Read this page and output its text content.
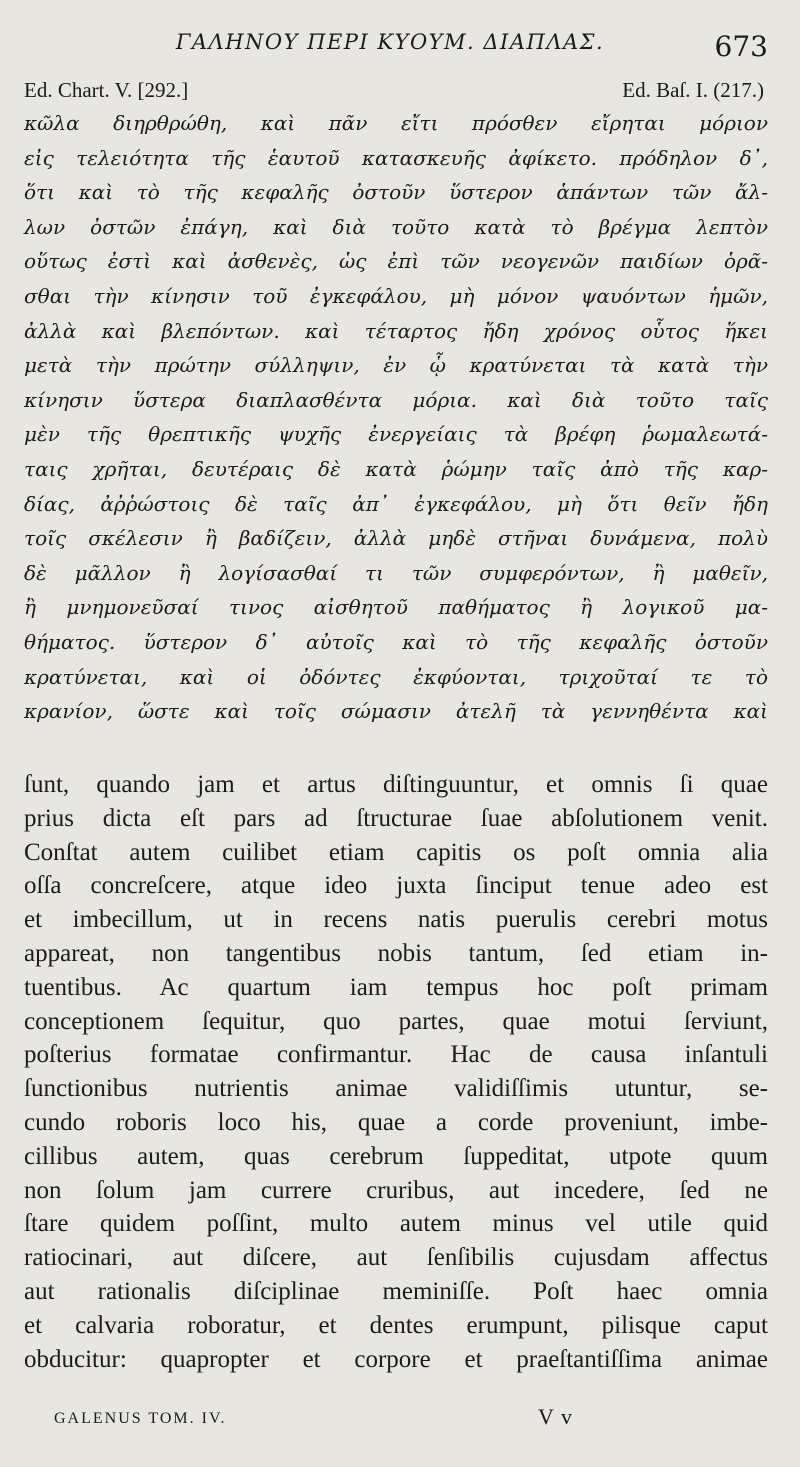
ΓΑΛΗΝΟΥ ΠΕΡΙ ΚΥΟΥΜ. ΔΙΑΠΛΑΣ.	673
Ed. Chart. V. [292.]	Ed. Baſ. I. (217.)
κῶλα διηρθρώθη, καὶ πᾶν εἴτι πρόσθεν εἴρηται μόριον
εἰς τελειότητα τῆς ἑαυτοῦ κατασκευῆς ἀφίκετο. πρόδηλον δ᾿,
ὅτι καὶ τὸ τῆς κεφαλῆς ὀστοῦν ὕστερον ἁπάντων τῶν ἄλ-
λων ὀστῶν ἐπάγη, καὶ διὰ τοῦτο κατὰ τὸ βρέγμα λεπτὸν
οὕτως ἐστὶ καὶ ἀσθενὲς, ὡς ἐπὶ τῶν νεογενῶν παιδίων ὁρᾶ-
σθαι τὴν κίνησιν τοῦ ἐγκεφάλου, μὴ μόνον ψαυόντων ἡμῶν,
ἀλλὰ καὶ βλεπόντων. καὶ τέταρτος ἤδη χρόνος οὗτος ἥκει
μετὰ τὴν πρώτην σύλληψιν, ἐν ᾧ κρατύνεται τὰ κατὰ τὴν
κίνησιν ὕστερα διαπλασθέντα μόρια. καὶ διὰ τοῦτο ταῖς
μὲν τῆς θρεπτικῆς ψυχῆς ἐνεργείαις τὰ βρέφη ῥωμαλεωτά-
ταις χρῆται, δευτέραις δὲ κατὰ ῥώμην ταῖς ἀπὸ τῆς καρ-
δίας, ἀῤῥώστοις δὲ ταῖς ἀπ᾿ ἐγκεφάλου, μὴ ὅτι θεῖν ἤδη
τοῖς σκέλεσιν ἢ βαδίζειν, ἀλλὰ μηδὲ στῆναι δυνάμενα, πολὺ
δὲ μᾶλλον ἢ λογίσασθαί τι τῶν συμφερόντων, ἢ μαθεῖν,
ἢ μνημονεῦσαί τινος αἰσθητοῦ παθήματος ἢ λογικοῦ μα-
θήματος. ὕστερον δ᾿ αὐτοῖς καὶ τὸ τῆς κεφαλῆς ὀστοῦν
κρατύνεται, καὶ οἱ ὀδόντες ἐκφύονται, τριχοῦταί τε τὸ
κρανίον, ὥστε καὶ τοῖς σώμασιν ἀτελῆ τὰ γεννηθέντα καὶ
ſunt, quando jam et artus diſtinguuntur, et omnis ſi quae
prius dicta eſt pars ad ſtructurae ſuae abſolutionem venit.
Conſtat autem cuilibet etiam capitis os poſt omnia alia
oſſa concreſcere, atque ideo juxta ſinciput tenue adeo est
et imbecillum, ut in recens natis puerulis cerebri motus
appareat, non tangentibus nobis tantum, ſed etiam in-
tuentibus. Ac quartum iam tempus hoc poſt primam
conceptionem ſequitur, quo partes, quae motui ſerviunt,
poſterius formatae confirmantur. Hac de causa inſantuli
ſunctionibus nutrientis animae validiſſimis utuntur, se-
cundo roboris loco his, quae a corde proveniunt, imbe-
cillibus autem, quas cerebrum ſuppeditat, utpote quum
non ſolum jam currere cruribus, aut incedere, ſed ne
ſtare quidem poſſint, multo autem minus vel utile quid
ratiocinari, aut diſcere, aut ſenſibilis cujusdam affectus
aut rationalis diſciplinae meminiſſe. Poſt haec omnia
et calvaria roboratur, et dentes erumpunt, pilisque caput
obducitur: quapropter et corpore et praeſtantiſſima animae
GALENUS TOM. IV.	V v
